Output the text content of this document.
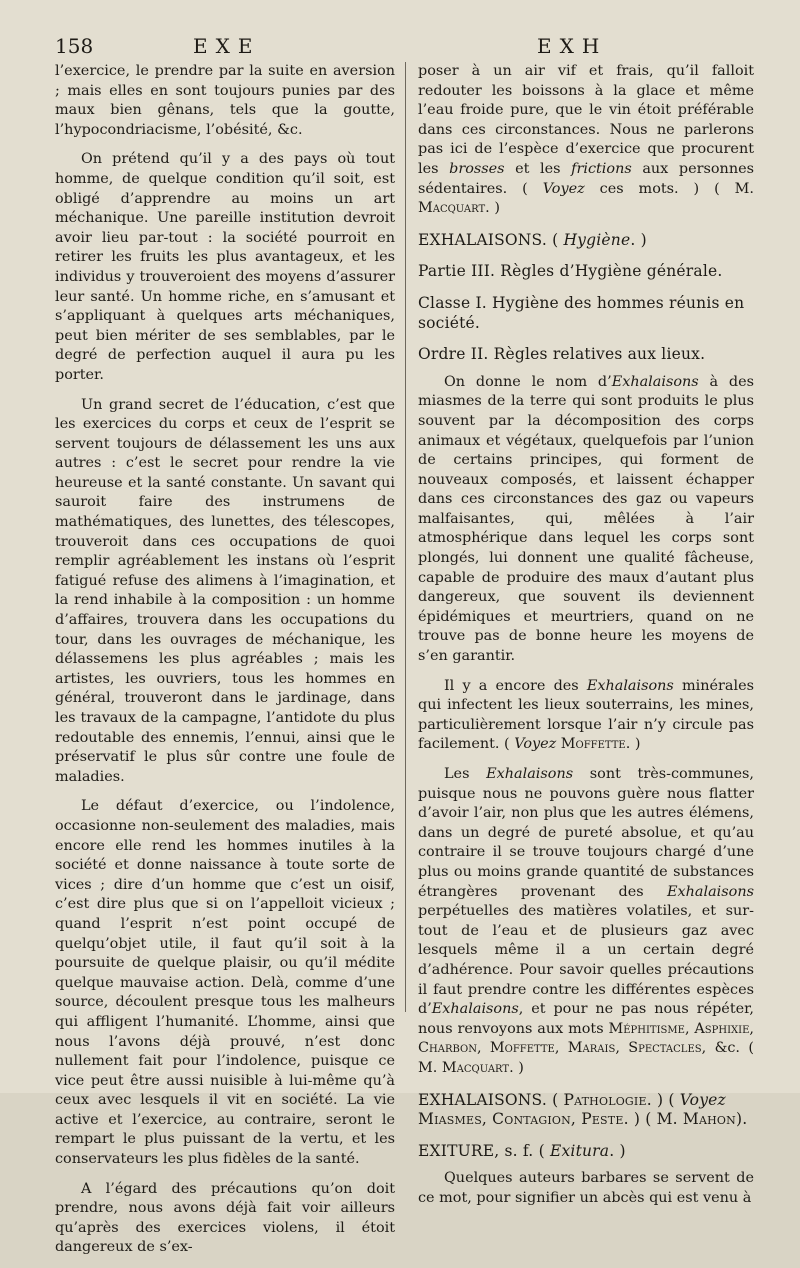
158	EXE	EXH

l’exercice, le prendre par la suite en aversion ; mais elles en sont toujours punies par des maux bien gênans, tels que la goutte, l’hypocondriacisme, l’obésité, &c.

On prétend qu’il y a des pays où tout homme, de quelque condition qu’il soit, est obligé d’apprendre au moins un art méchanique. Une pareille institution devroit avoir lieu par-tout : la société pourroit en retirer les fruits les plus avantageux, et les individus y trouveroient des moyens d’assurer leur santé. Un homme riche, en s’amusant et s’appliquant à quelques arts méchaniques, peut bien mériter de ses semblables, par le degré de perfection auquel il aura pu les porter.

Un grand secret de l’éducation, c’est que les exercices du corps et ceux de l’esprit se servent toujours de délassement les uns aux autres : c’est le secret pour rendre la vie heureuse et la santé constante. Un savant qui sauroit faire des instrumens de mathématiques, des lunettes, des télescopes, trouveroit dans ces occupations de quoi remplir agréablement les instans où l’esprit fatigué refuse des alimens à l’imagination, et la rend inhabile à la composition : un homme d’affaires, trouvera dans les occupations du tour, dans les ouvrages de méchanique, les délassemens les plus agréables ; mais les artistes, les ouvriers, tous les hommes en général, trouveront dans le jardinage, dans les travaux de la campagne, l’antidote du plus redoutable des ennemis, l’ennui, ainsi que le préservatif le plus sûr contre une foule de maladies.

Le défaut d’exercice, ou l’indolence, occasionne non-seulement des maladies, mais encore elle rend les hommes inutiles à la société et donne naissance à toute sorte de vices ; dire d’un homme que c’est un oisif, c’est dire plus que si on l’appelloit vicieux ; quand l’esprit n’est point occupé de quelqu’objet utile, il faut qu’il soit à la poursuite de quelque plaisir, ou qu’il médite quelque mauvaise action. Delà, comme d’une source, découlent presque tous les malheurs qui affligent l’humanité. L’homme, ainsi que nous l’avons déjà prouvé, n’est donc nullement fait pour l’indolence, puisque ce vice peut être aussi nuisible à lui-même qu’à ceux avec lesquels il vit en société. La vie active et l’exercice, au contraire, seront le rempart le plus puissant de la vertu, et les conservateurs les plus fidèles de la santé.

A l’égard des précautions qu’on doit prendre, nous avons déjà fait voir ailleurs qu’après des exercices violens, il étoit dangereux de s’ex-

poser à un air vif et frais, qu’il falloit redouter les boissons à la glace et même l’eau froide pure, que le vin étoit préférable dans ces circonstances. Nous ne parlerons pas ici de l’espèce d’exercice que procurent les brosses et les frictions aux personnes sédentaires. ( Voyez ces mots. ) ( M. Macquart. )

EXHALAISONS. ( Hygiène. )
Partie III. Règles d’Hygiène générale.
Classe I. Hygiène des hommes réunis en société.
Ordre II. Règles relatives aux lieux.

On donne le nom d’Exhalaisons à des miasmes de la terre qui sont produits le plus souvent par la décomposition des corps animaux et végétaux, quelquefois par l’union de certains principes, qui forment de nouveaux composés, et laissent échapper dans ces circonstances des gaz ou vapeurs malfaisantes, qui, mêlées à l’air atmosphérique dans lequel les corps sont plongés, lui donnent une qualité fâcheuse, capable de produire des maux d’autant plus dangereux, que souvent ils deviennent épidémiques et meurtriers, quand on ne trouve pas de bonne heure les moyens de s’en garantir.

Il y a encore des Exhalaisons minérales qui infectent les lieux souterrains, les mines, particulièrement lorsque l’air n’y circule pas facilement. ( Voyez Moffette. )

Les Exhalaisons sont très-communes, puisque nous ne pouvons guère nous flatter d’avoir l’air, non plus que les autres élémens, dans un degré de pureté absolue, et qu’au contraire il se trouve toujours chargé d’une plus ou moins grande quantité de substances étrangères provenant des Exhalaisons perpétuelles des matières volatiles, et sur-tout de l’eau et de plusieurs gaz avec lesquels même il a un certain degré d’adhérence. Pour savoir quelles précautions il faut prendre contre les différentes espèces d’Exhalaisons, et pour ne pas nous répéter, nous renvoyons aux mots Méphitisme, Asphixie, Charbon, Moffette, Marais, Spectacles, &c. ( M. Macquart. )

EXHALAISONS. ( Pathologie. ) ( Voyez Miasmes, Contagion, Peste. ) ( M. Mahon).
EXITURE, s. f. ( Exitura. )

Quelques auteurs barbares se servent de ce mot, pour signifier un abcès qui est venu à
